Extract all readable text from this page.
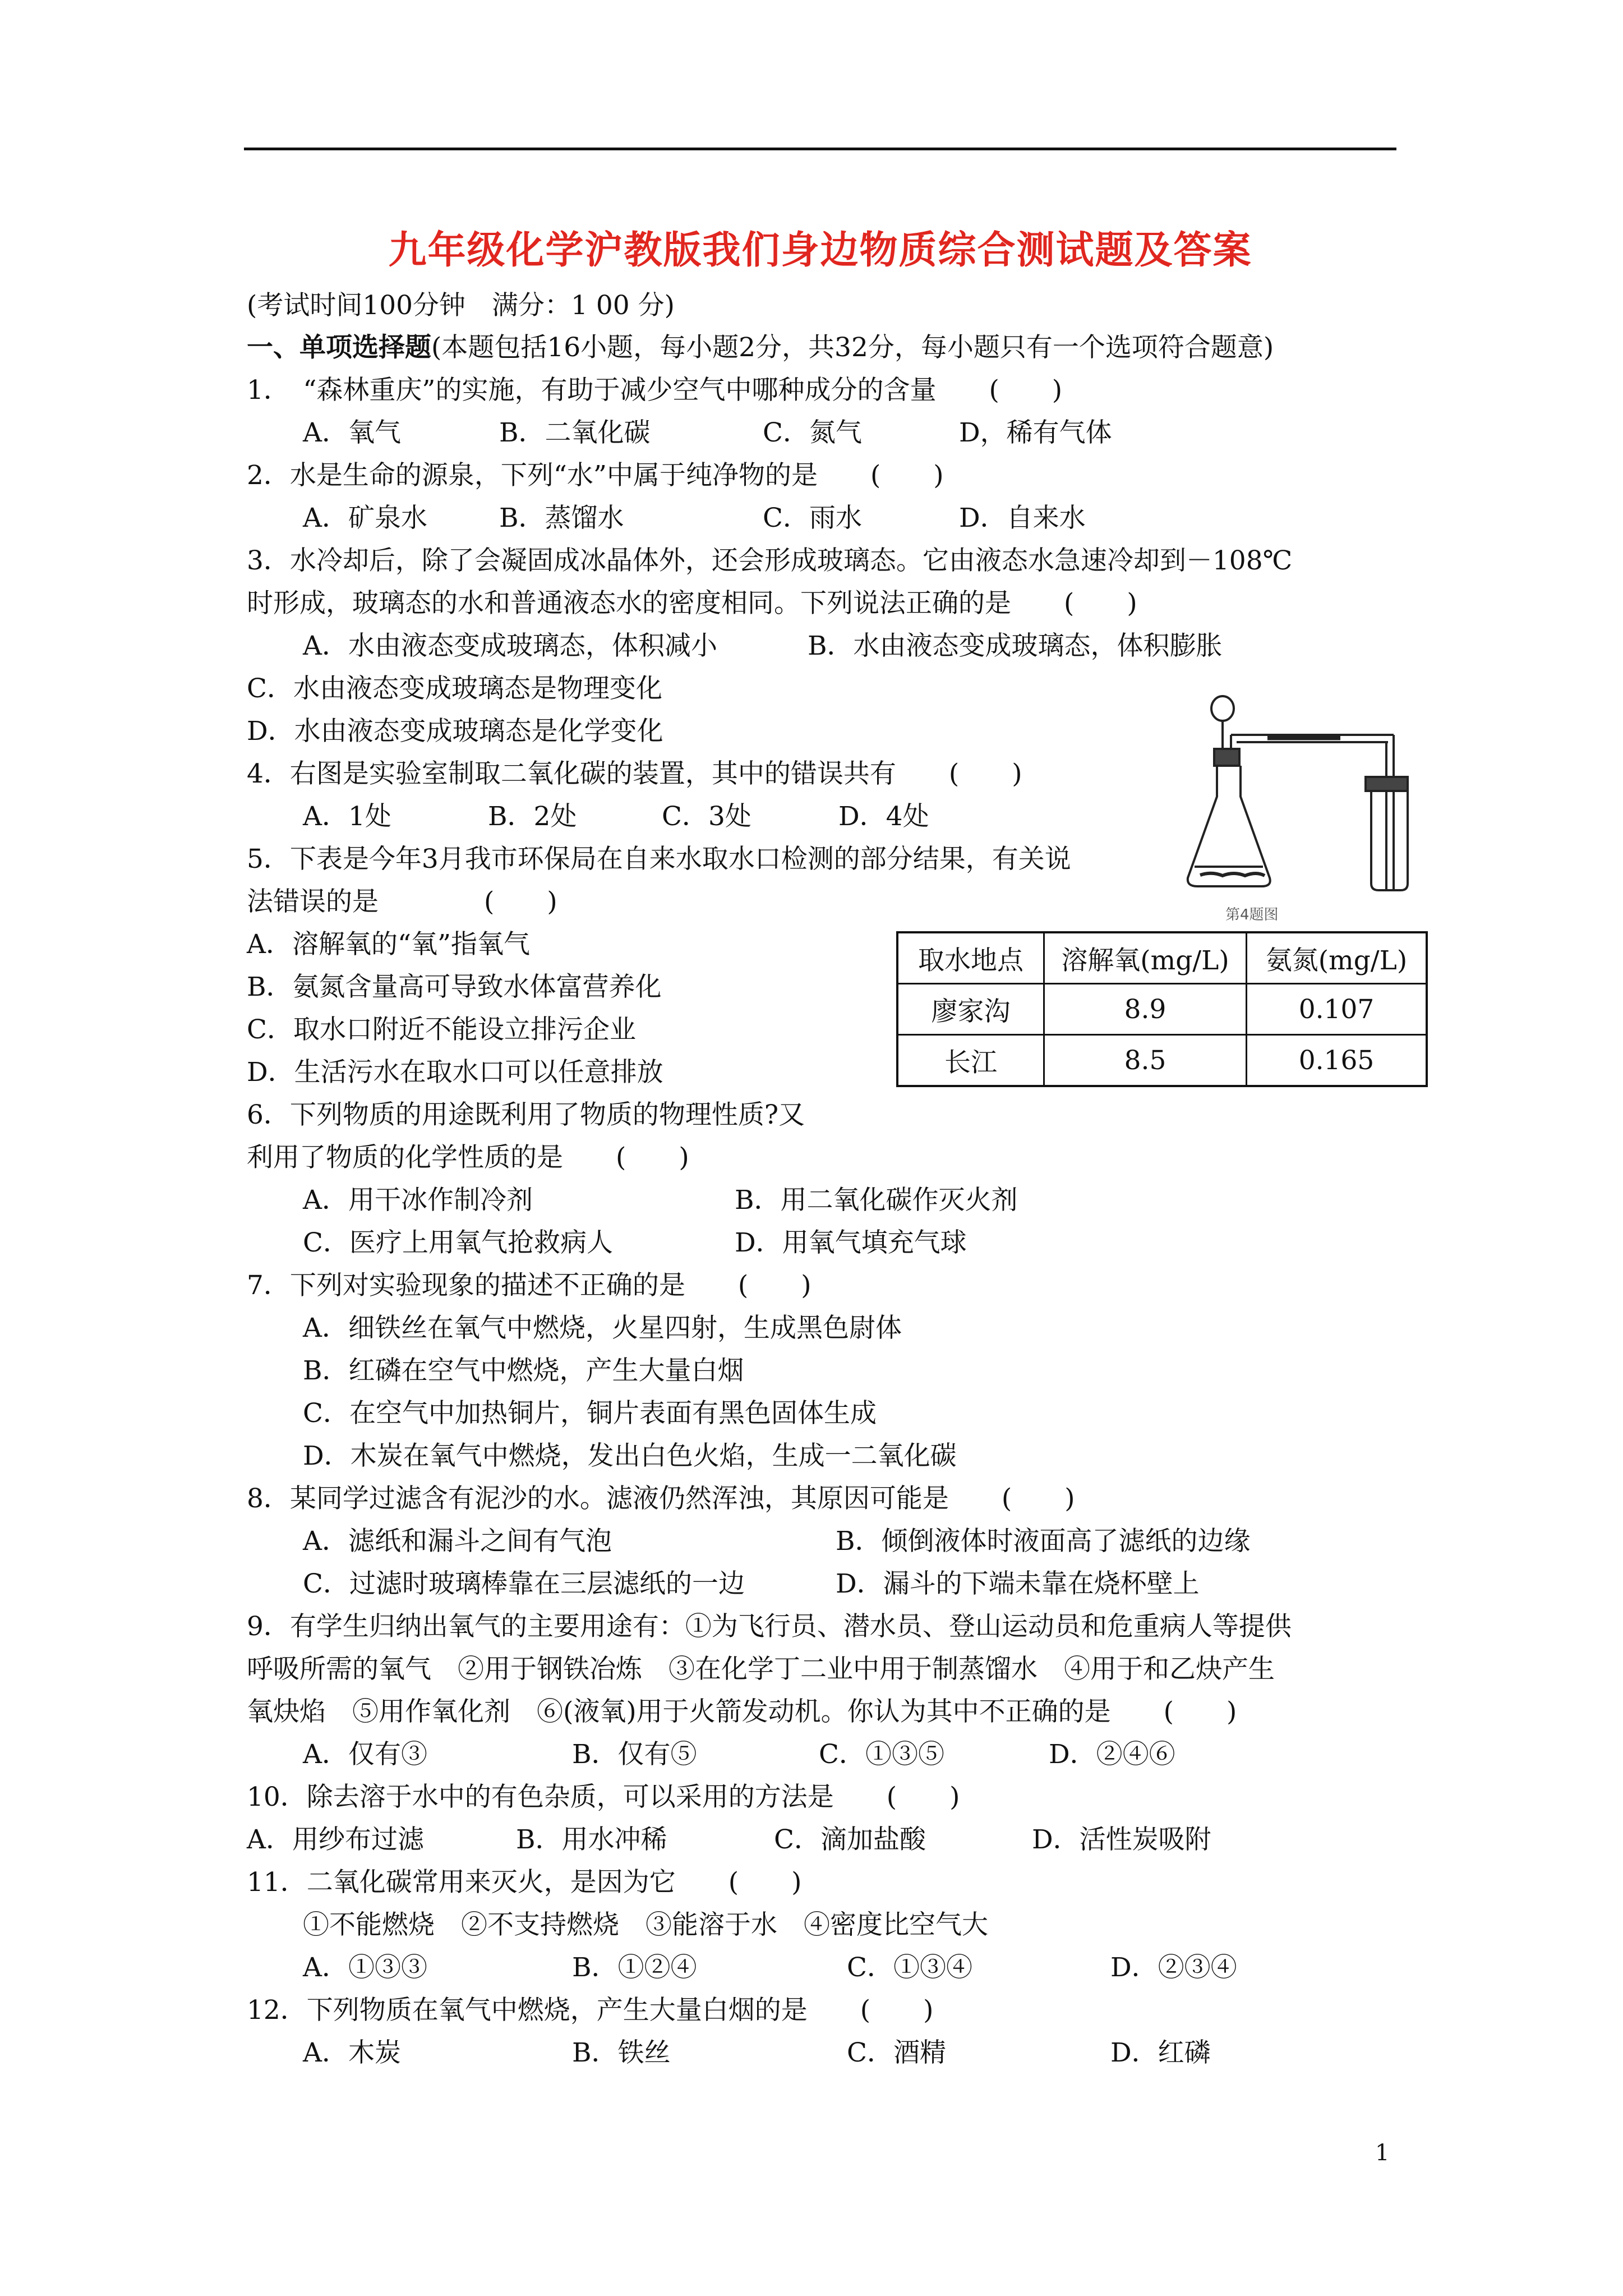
九年级化学沪教版我们身边物质综合测试题及答案
(考试时间100分钟　满分：1 00 分)
一、单项选择题(本题包括16小题，每小题2分，共32分，每小题只有一个选项符合题意)
1．　“森林重庆”的实施，有助于减少空气中哪种成分的含量　　(　　)
A．氧气	B．二氧化碳	C．氮气	D，稀有气体
2．水是生命的源泉，下列“水”中属于纯净物的是　　(　　)
A．矿泉水	B．蒸馏水	C．雨水	D．自来水
3．水冷却后，除了会凝固成冰晶体外，还会形成玻璃态。它由液态水急速冷却到－108℃
时形成，玻璃态的水和普通液态水的密度相同。下列说法正确的是　　(　　)
A．水由液态变成玻璃态，体积减小	B．水由液态变成玻璃态，体积膨胀
C．水由液态变成玻璃态是物理变化
D．水由液态变成玻璃态是化学变化
4．右图是实验室制取二氧化碳的装置，其中的错误共有　　(　　)
A．1处	B．2处	C．3处	D．4处
第4题图
5．下表是今年3月我市环保局在自来水取水口检测的部分结果，有关说
法错误的是　　　　(　　)
A．溶解氧的“氧”指氧气
B．氨氮含量高可导致水体富营养化
C．取水口附近不能设立排污企业
D．生活污水在取水口可以任意排放
取水地点	溶解氧(mg/L)	氨氮(mg/L)
廖家沟	8.9	0.107
长江	8.5	0.165
6．下列物质的用途既利用了物质的物理性质?又
利用了物质的化学性质的是　　(　　)
A．用干冰作制冷剂	B．用二氧化碳作灭火剂
C．医疗上用氧气抢救病人	D．用氧气填充气球
7．下列对实验现象的描述不正确的是　　(　　)
A．细铁丝在氧气中燃烧，火星四射，生成黑色尉体
B．红磷在空气中燃烧，产生大量白烟
C．在空气中加热铜片，铜片表面有黑色固体生成
D．木炭在氧气中燃烧，发出白色火焰，生成一二氧化碳
8．某同学过滤含有泥沙的水。滤液仍然浑浊，其原因可能是　　(　　)
A．滤纸和漏斗之间有气泡	B．倾倒液体时液面高了滤纸的边缘
C．过滤时玻璃棒靠在三层滤纸的一边	D．漏斗的下端未靠在烧杯壁上
9．有学生归纳出氧气的主要用途有：①为飞行员、潜水员、登山运动员和危重病人等提供
呼吸所需的氧气　②用于钢铁冶炼　③在化学丁二业中用于制蒸馏水　④用于和乙炔产生
氧炔焰　⑤用作氧化剂　⑥(液氧)用于火箭发动机。你认为其中不正确的是　　(　　)
A．仅有③	B．仅有⑤	C．①③⑤	D．②④⑥
10．除去溶于水中的有色杂质，可以采用的方法是　　(　　)
A．用纱布过滤	B．用水冲稀	C．滴加盐酸	D．活性炭吸附
11．二氧化碳常用来灭火，是因为它　　(　　)
①不能燃烧　②不支持燃烧　③能溶于水　④密度比空气大
A．①③③	B．①②④	C．①③④	D．②③④
12．下列物质在氧气中燃烧，产生大量白烟的是　　(　　)
A．木炭	B．铁丝	C．酒精	D．红磷
1
